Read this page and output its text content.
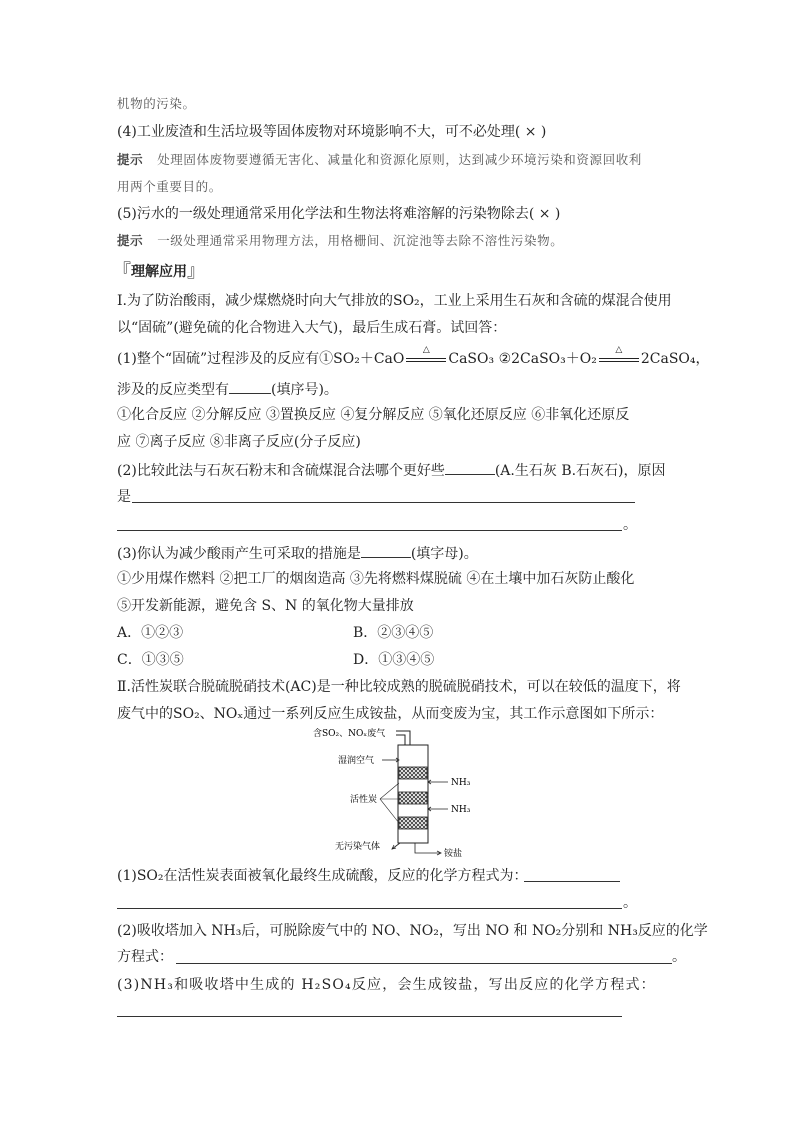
机物的污染。
(4)工业废渣和生活垃圾等固体废物对环境影响不大，可不必处理( × )
提示 处理固体废物要遵循无害化、减量化和资源化原则，达到减少环境污染和资源回收利
用两个重要目的。
(5)污水的一级处理通常采用化学法和生物法将难溶解的污染物除去( × )
提示 一级处理通常采用物理方法，用格栅间、沉淀池等去除不溶性污染物。
『理解应用』
Ⅰ.为了防治酸雨，减少煤燃烧时向大气排放的SO₂，工业上采用生石灰和含硫的煤混合使用
以“固硫”(避免硫的化合物进入大气)，最后生成石膏。试回答：
(1)整个“固硫”过程涉及的反应有①SO₂＋CaO
△
CaSO₃ ②2CaSO₃＋O₂
△
2CaSO₄，
涉及的反应类型有	(填序号)。
①化合反应 ②分解反应 ③置换反应 ④复分解反应 ⑤氧化还原反应 ⑥非氧化还原反
应 ⑦离子反应 ⑧非离子反应(分子反应)
(2)比较此法与石灰石粉末和含硫煤混合法哪个更好些	(A.生石灰 B.石灰石)，原因
是
。
(3)你认为减少酸雨产生可采取的措施是	(填字母)。
①少用煤作燃料 ②把工厂的烟囱造高 ③先将燃料煤脱硫 ④在土壤中加石灰防止酸化
⑤开发新能源，避免含 S、N 的氧化物大量排放
A．①②③	B．②③④⑤
C．①③⑤	D．①③④⑤
Ⅱ.活性炭联合脱硫脱硝技术(AC)是一种比较成熟的脱硫脱硝技术，可以在较低的温度下，将
废气中的SO₂、NOₓ通过一系列反应生成铵盐，从而变废为宝，其工作示意图如下所示：
含SO₂、NOₓ废气
湿润空气
活性炭
NH₃
NH₃
无污染气体
铵盐
(1)SO₂在活性炭表面被氧化最终生成硫酸，反应的化学方程式为：
。
(2)吸收塔加入 NH₃后，可脱除废气中的 NO、NO₂，写出 NO 和 NO₂分别和 NH₃反应的化学
方程式：	。
(3)NH₃和吸收塔中生成的 H₂SO₄反应，会生成铵盐，写出反应的化学方程式：
